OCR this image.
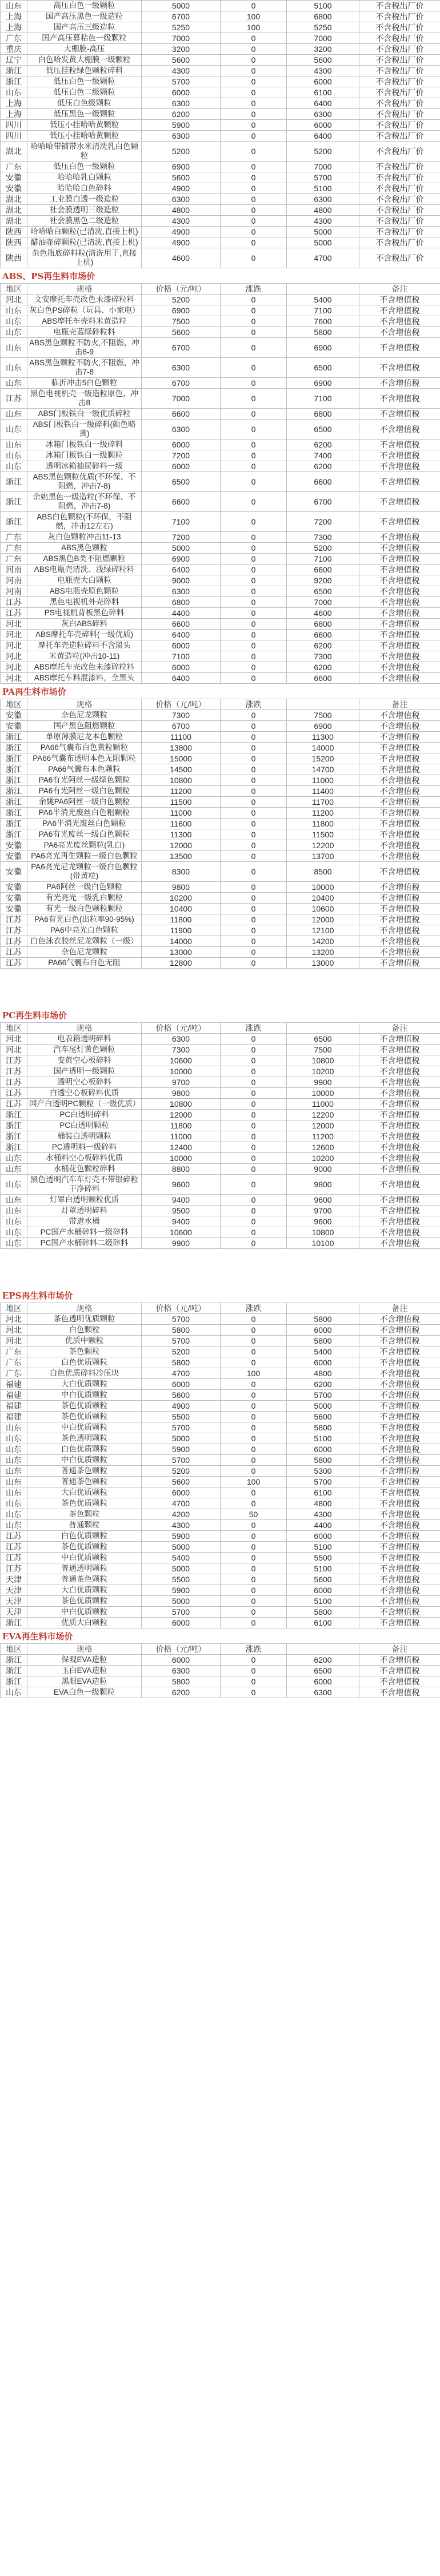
山东	高压白色一级颗粒	5000	0	5100	不含税出厂价
上海	国产高压黑色一级造粒	6700	100	6800	不含税出厂价
上海	国产高压三级造粒	5250	100	5250	不含税出厂价
广东	国产高压暮秸色一级颗粒	7000	0	7000	不含税出厂价
重庆	大棚膜-高压	3200	0	3200	不含税出厂价
辽宁	白色哈发黄大棚膜一级颗粒	5600	0	5600	不含税出厂价
浙江	低压挂粒绿色颗粒碎料	4300	0	4300	不含税出厂价
浙江	低压白色一级颗粒	5700	0	6000	不含税出厂价
山东	低压白色二级颗粒	6000	0	6100	不含税出厂价
上海	低压白色级颗粒	6300	0	6400	不含税出厂价
上海	低压黑色一级颗粒	6200	0	6300	不含税出厂价
四川	低压小挂哈哈黄颗粒	5900	0	6000	不含税出厂价
四川	低压小挂哈哈黄颗粒	6300	0	6400	不含税出厂价
湖北	哈哈哈带铺带水米清洗乳白色颗粒	5200	0	5200	不含税出厂价
广东	低压白色一级颗粒	6900	0	7000	不含税出厂价
安徽	哈哈哈乳白颗粒	5600	0	5700	不含税出厂价
安徽	哈哈哈白色碎料	4900	0	5100	不含税出厂价
湖北	工业膜白透一级造粒	6300	0	6300	不含税出厂价
湖北	社会膜透明三级造粒	4800	0	4800	不含税出厂价
湖北	社会膜黑色二级造粒	4300	0	4300	不含税出厂价
陕西	哈哈哈白颗粒(已清洗,直接上机)	4900	0	5000	不含税出厂价
陕西	醋油壶碎颗粒(已清洗,直接上机)	4900	0	5000	不含税出厂价
陕西	杂色瓶底碎料粒(清洗用于,直接上机)	4600	0	4700	不含税出厂价
ABS、PS再生料市场价
地区	规格	价格（元/吨）	涨跌		备注
河北	文安摩托车壳改色未漆碎粒料	5200	0	5400	不含增值税
山东	灰白色PS碎粒（玩具、小家电）	6900	0	7100	不含增值税
山东	ABS摩托车壳料米黄造粒	7500	0	7600	不含增值税
山东	电瓶壳蓝绿碎粒料	5600	0	5800	不含增值税
山东	ABS黑色颗粒不防火,不阻燃，冲击8-9	6700	0	6900	不含增值税
山东	ABS黑色颗粒不防火,不阻燃，冲击7-8	6300	0	6500	不含增值税
山东	临沂冲击5白色颗粒	6700	0	6900	不含增值税
江苏	黑色电视机壳一级造粒原色，冲击8	7000	0	7100	不含增值税
山东	ABS门板铁白一级优质碎粒	6600	0	6800	不含增值税
山东	ABS门板铁白一级碎料(颜色略黄)	6300	0	6500	不含增值税
山东	冰箱门板铁白一级碎料	6000	0	6200	不含增值税
山东	冰箱门板铁白一级颗粒	7200	0	7400	不含增值税
山东	透明冰箱抽屉碎料一级	6000	0	6200	不含增值税
浙江	ABS黑色颗粒优质(不环保、不阻燃，冲击7-8)	6500	0	6600	不含增值税
浙江	余姚黑色一级造粒(不环保、不阻燃，冲击7-8)	6600	0	6700	不含增值税
浙江	ABS白色颗粒(不环保，不阻燃，冲击12左右)	7100	0	7200	不含增值税
广东	灰白色颗粒冲击11-13	7200	0	7300	不含增值税
广东	ABS黑色颗粒	5000	0	5200	不含增值税
广东	ABS黑色B类不阻燃颗粒	6900	0	7100	不含增值税
河南	ABS电瓶壳清洗、浅绿碎粒料	6400	0	6600	不含增值税
河南	电瓶壳大白颗粒	9000	0	9200	不含增值税
河南	ABS电瓶壳原色颗粒	6300	0	6500	不含增值税
江苏	黑色电视机外壳碎料	6800	0	7000	不含增值税
江苏	PS电视机背板黑色碎料	4400	0	4600	不含增值税
河北	灰白ABS碎料	6600	0	6800	不含增值税
河北	ABS摩托车壳碎料(一级优质)	6400	0	6600	不含增值税
河北	摩托车壳造粒碎料不含黑头	6000	0	6200	不含增值税
河北	米黄造粒(冲击10-11)	7100	0	7300	不含增值税
河北	ABS摩托车壳改色未漆碎粒料	6000	0	6200	不含增值税
河北	ABS摩托车料混漆料，全黑头	6400	0	6600	不含增值税
PA再生料市场价
地区	规格	价格（元/吨）	涨跌		备注
安徽	杂色尼龙颗粒	7300	0	7500	不含增值税
安徽	国产黑色阻燃颗粒	6700	0	6900	不含增值税
浙江	单原薄膜尼龙本色颗粒	11100	0	11300	不含增值税
浙江	PA66气囊布白色黄粒颗粒	13800	0	14000	不含增值税
浙江	PA66气囊布透明本色无阻颗粒	15000	0	15200	不含增值税
浙江	PA66气囊布本色颗粒	14500	0	14700	不含增值税
浙江	PA6有光阿丝一级绿色颗粒	10800	0	11000	不含增值税
浙江	PA6有光阿丝一级白色颗粒	11200	0	11400	不含增值税
浙江	余姚PA6阿丝一级白色颗粒	11500	0	11700	不含增值税
浙江	PA6半消光废丝白色粗颗粒	11000	0	11200	不含增值税
浙江	PA6半消光废丝白色颗粒	11600	0	11800	不含增值税
浙江	PA6有光废丝一级白色颗粒	11300	0	11500	不含增值税
安徽	PA6亮光废丝颗粒(乳白)	12000	0	12200	不含增值税
安徽	PA6亮光再生颗粒一级白色颗粒	13500	0	13700	不含增值税
安徽	PA6亮光尼龙颗粒一级白色颗粒(带黄粒)	8300	0	8500	不含增值税
安徽	PA6阿丝一级白色颗粒	9800	0	10000	不含增值税
安徽	有光亮光一级乳白颗粒	10200	0	10400	不含增值税
安徽	有光一级白色颗粒颗粒	10400	0	10600	不含增值税
江苏	PA6有光白色(出粒率90-95%)	11800	0	12000	不含增值税
江苏	PA6中亮光白色颗粒	11900	0	12100	不含增值税
江苏	白色泳衣胶丝尼龙颗粒（一级）	14000	0	14200	不含增值税
江苏	杂色尼龙颗粒	13000	0	13200	不含增值税
江苏	PA66气囊布白色无阻	12800	0	13000	不含增值税
PC再生料市场价
地区	规格	价格（元/吨）	涨跌		备注
河北	电表箱透明碎料	6300	0	6500	不含增值税
河北	汽车尾灯黄色颗粒	7300	0	7500	不含增值税
江苏	变黄空心板碎料	10600	0	10800	不含增值税
江苏	国产透明一级颗粒	10000	0	10200	不含增值税
江苏	透明空心板碎料	9700	0	9900	不含增值税
江苏	白透空心板碎料优质	9800	0	10000	不含增值税
江苏	国产白透明PC颗粒（一级优质）	10800	0	11000	不含增值税
浙江	PC白透明碎料	12000	0	12200	不含增值税
浙江	PC白透明颗粒	11800	0	12000	不含增值税
浙江	桶装白透明颗粒	11000	0	11200	不含增值税
浙江	PC透明料一级碎料	12400	0	12600	不含增值税
山东	水桶料空心板碎料优质	10000	0	10200	不含增值税
山东	水桶花色颗粒碎料	8800	0	9000	不含增值税
山东	黑色透明汽车车灯壳不带银碎粒干净碎料	9600	0	9800	不含增值税
山东	灯罩白透明颗粒优质	9400	0	9600	不含增值税
山东	灯罩透明碎料	9500	0	9700	不含增值税
山东	带道水桶	9400	0	9600	不含增值税
山东	PC国产水桶碎料一级碎料	10600	0	10800	不含增值税
山东	PC国产水桶碎料二级碎料	9900	0	10100	不含增值税
EPS再生料市场价
地区	规格	价格（元/吨）	涨跌		备注
河北	茶色透明优质颗粒	5700	0	5800	不含增值税
河北	白色颗粒	5800	0	6000	不含增值税
河北	优质中颗粒	5700	0	5800	不含增值税
广东	茶色颗粒	5200	0	5400	不含增值税
广东	白色优质颗粒	5800	0	6000	不含增值税
广东	白色优质碎料冷压块	4700	100	4800	不含增值税
福建	大白优质颗粒	6000	0	6200	不含增值税
福建	中白优质颗粒	5600	0	5700	不含增值税
福建	茶色优质颗粒	4900	0	5000	不含增值税
福建	茶色优质颗粒	5500	0	5600	不含增值税
山东	中白优质颗粒	5700	0	5800	不含增值税
山东	茶色透明颗粒	5000	0	5100	不含增值税
山东	白色优质颗粒	5900	0	6000	不含增值税
山东	中白优质颗粒	5700	0	5800	不含增值税
山东	普通茶色颗粒	5200	0	5300	不含增值税
山东	普通茶色颗粒	5600	100	5700	不含增值税
山东	大白优质颗粒	6000	0	6100	不含增值税
山东	茶色优质颗粒	4700	0	4800	不含增值税
山东	茶色颗粒	4200	50	4300	不含增值税
山东	普通颗粒	4300	0	4400	不含增值税
江苏	白色优质颗粒	5900	0	6000	不含增值税
江苏	茶色优质颗粒	5000	0	5100	不含增值税
江苏	中白优质颗粒	5400	0	5500	不含增值税
江苏	普通透明颗粒	5000	0	5100	不含增值税
天津	普通茶色颗粒	5500	0	5600	不含增值税
天津	大白优质颗粒	5900	0	6000	不含增值税
天津	茶色优质颗粒	5000	0	5100	不含增值税
天津	中白优质颗粒	5700	0	5800	不含增值税
浙江	优质大白颗粒	6000	0	6100	不含增值税
EVA再生料市场价
地区	规格	价格（元/吨）	涨跌		备注
浙江	保观EVA造粒	6000	0	6200	不含增值税
浙江	玉白EVA造粒	6300	0	6500	不含增值税
浙江	黑眼EVA造粒	5800	0	6000	不含增值税
山东	EVA白色一级颗粒	6200	0	6300	不含增值税
